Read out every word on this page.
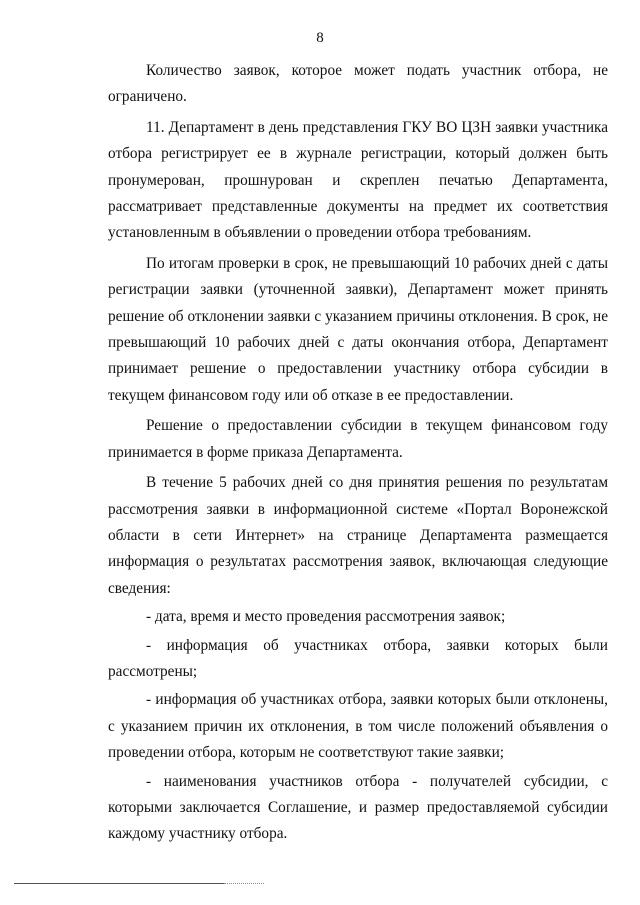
8

Количество заявок, которое может подать участник отбора, не ограничено.

11. Департамент в день представления ГКУ ВО ЦЗН заявки участника отбора регистрирует ее в журнале регистрации, который должен быть пронумерован, прошнурован и скреплен печатью Департамента, рассматривает представленные документы на предмет их соответствия установленным в объявлении о проведении отбора требованиям.

По итогам проверки в срок, не превышающий 10 рабочих дней с даты регистрации заявки (уточненной заявки), Департамент может принять решение об отклонении заявки с указанием причины отклонения. В срок, не превышающий 10 рабочих дней с даты окончания отбора, Департамент принимает решение о предоставлении участнику отбора субсидии в текущем финансовом году или об отказе в ее предоставлении.

Решение о предоставлении субсидии в текущем финансовом году принимается в форме приказа Департамента.

В течение 5 рабочих дней со дня принятия решения по результатам рассмотрения заявки в информационной системе «Портал Воронежской области в сети Интернет» на странице Департамента размещается информация о результатах рассмотрения заявок, включающая следующие сведения:

- дата, время и место проведения рассмотрения заявок;

- информация об участниках отбора, заявки которых были рассмотрены;

- информация об участниках отбора, заявки которых были отклонены, с указанием причин их отклонения, в том числе положений объявления о проведении отбора, которым не соответствуют такие заявки;

- наименования участников отбора - получателей субсидии, с которыми заключается Соглашение, и размер предоставляемой субсидии каждому участнику отбора.
